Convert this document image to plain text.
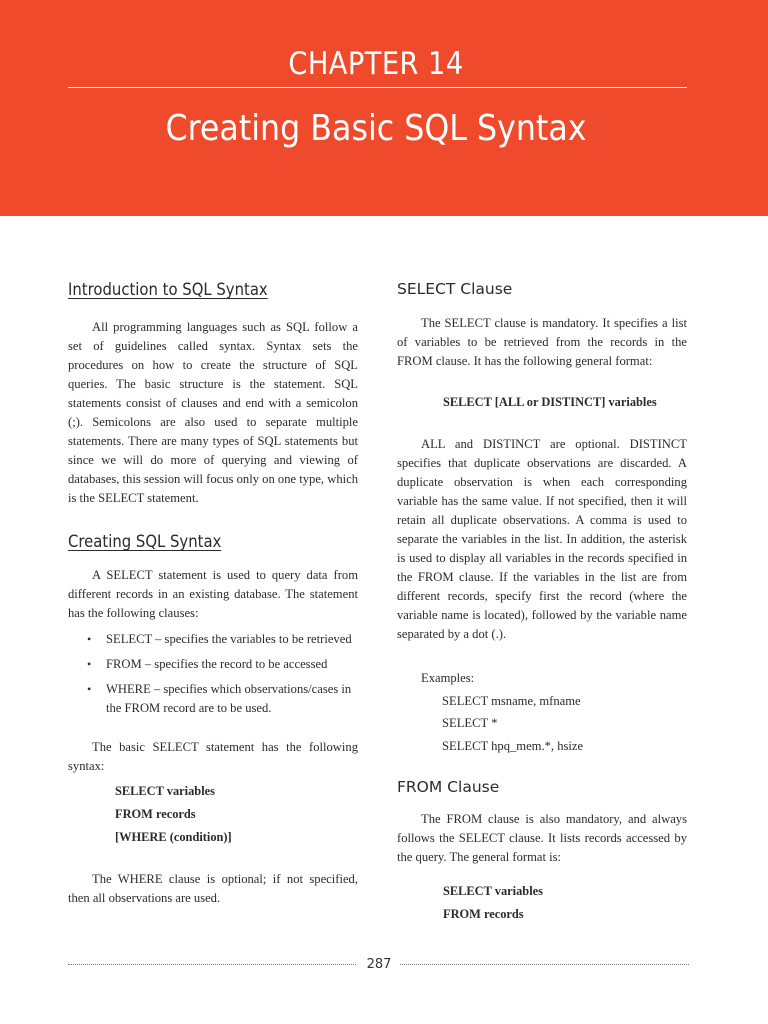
CHAPTER 14
Creating Basic SQL Syntax
Introduction to SQL Syntax

All programming languages such as SQL follow a set of guidelines called syntax. Syntax sets the procedures on how to create the structure of SQL queries. The basic structure is the statement. SQL statements consist of clauses and end with a semicolon (;). Semicolons are also used to separate multiple statements. There are many types of SQL statements but since we will do more of querying and viewing of databases, this session will focus only on one type, which is the SELECT statement.

Creating SQL Syntax

A SELECT statement is used to query data from different records in an existing database. The statement has the following clauses:

• SELECT – specifies the variables to be retrieved
• FROM – specifies the record to be accessed
• WHERE – specifies which observations/cases in the FROM record are to be used.

The basic SELECT statement has the following syntax:

SELECT variables
FROM records
[WHERE (condition)]

The WHERE clause is optional; if not specified, then all observations are used.

SELECT Clause

The SELECT clause is mandatory. It specifies a list of variables to be retrieved from the records in the FROM clause. It has the following general format:

SELECT [ALL or DISTINCT] variables

ALL and DISTINCT are optional. DISTINCT specifies that duplicate observations are discarded. A duplicate observation is when each corresponding variable has the same value. If not specified, then it will retain all duplicate observations. A comma is used to separate the variables in the list. In addition, the asterisk is used to display all variables in the records specified in the FROM clause. If the variables in the list are from different records, specify first the record (where the variable name is located), followed by the variable name separated by a dot (.).

Examples:
SELECT msname, mfname
SELECT *
SELECT hpq_mem.*, hsize
FROM Clause

The FROM clause is also mandatory, and always follows the SELECT clause. It lists records accessed by the query. The general format is:

SELECT variables
FROM records
287
